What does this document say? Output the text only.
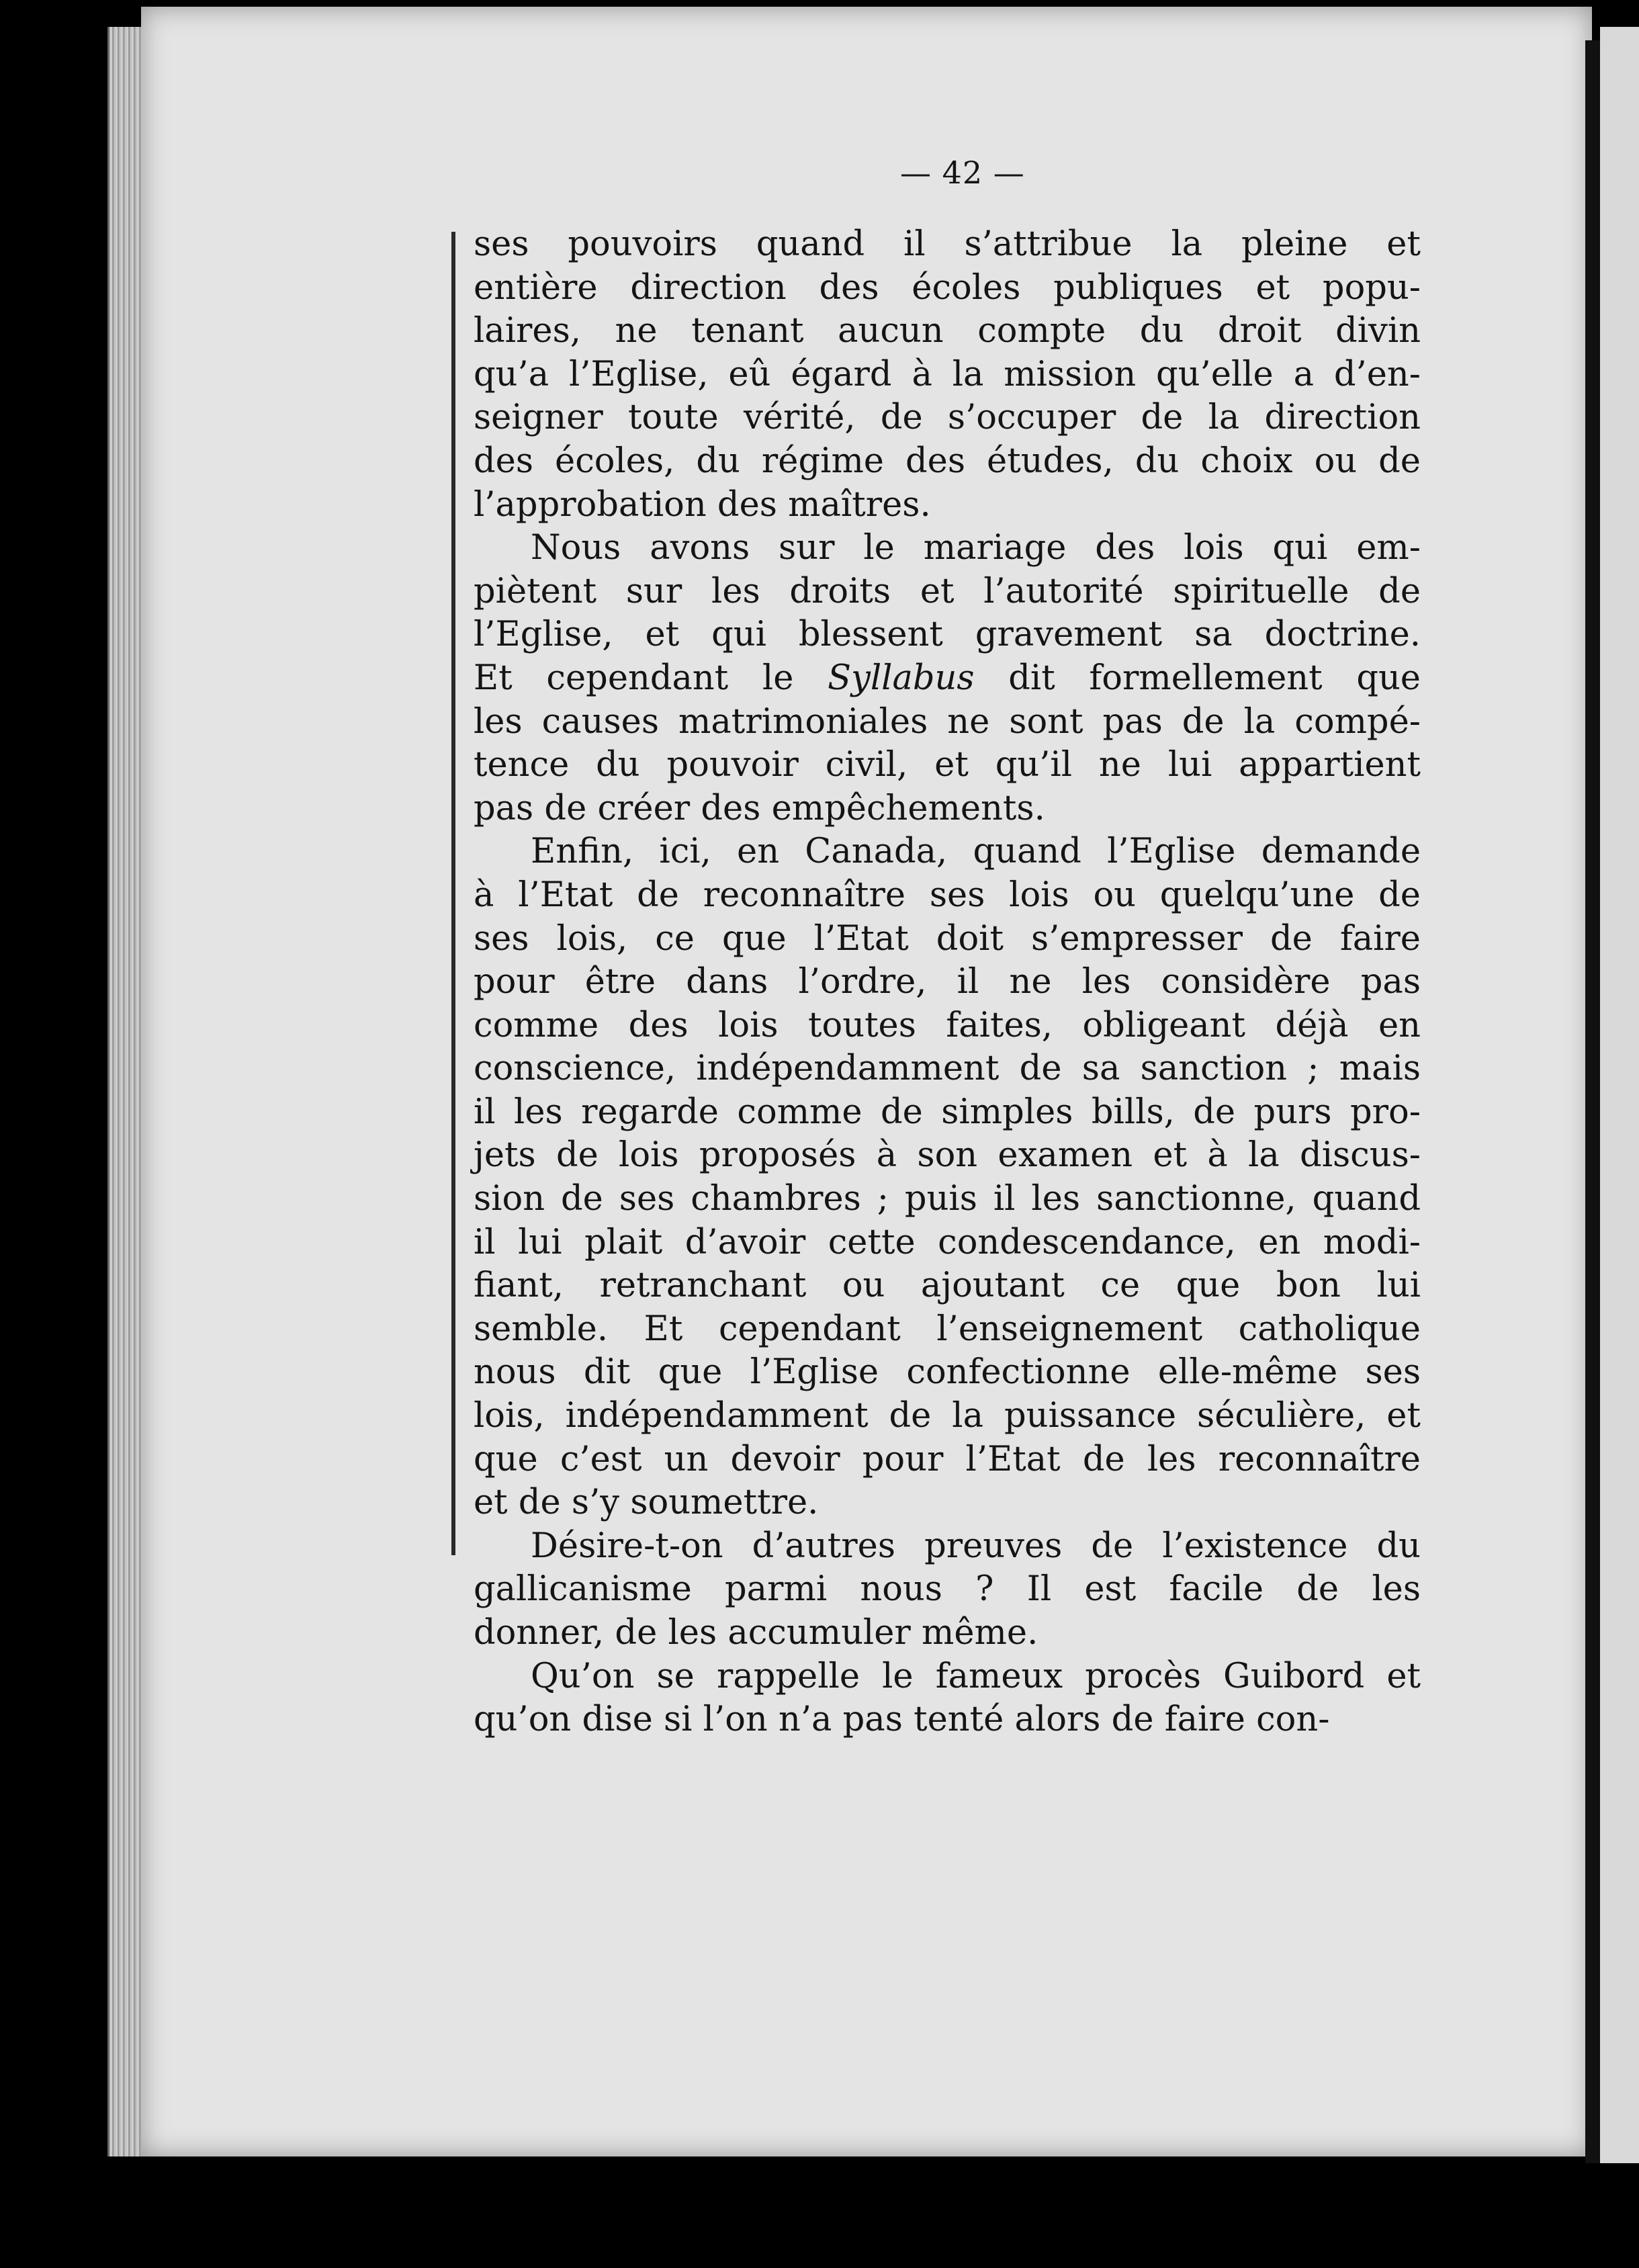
— 42 —
ses pouvoirs quand il s’attribue la pleine et
entière direction des écoles publiques et popu-
laires, ne tenant aucun compte du droit divin
qu’a l’Eglise, eû égard à la mission qu’elle a d’en-
seigner toute vérité, de s’occuper de la direction
des écoles, du régime des études, du choix ou de
l’approbation des maîtres.
Nous avons sur le mariage des lois qui em-
piètent sur les droits et l’autorité spirituelle de
l’Eglise, et qui blessent gravement sa doctrine.
Et cependant le Syllabus dit formellement que
les causes matrimoniales ne sont pas de la compé-
tence du pouvoir civil, et qu’il ne lui appartient
pas de créer des empêchements.
Enfin, ici, en Canada, quand l’Eglise demande
à l’Etat de reconnaître ses lois ou quelqu’une de
ses lois, ce que l’Etat doit s’empresser de faire
pour être dans l’ordre, il ne les considère pas
comme des lois toutes faites, obligeant déjà en
conscience, indépendamment de sa sanction ; mais
il les regarde comme de simples bills, de purs pro-
jets de lois proposés à son examen et à la discus-
sion de ses chambres ; puis il les sanctionne, quand
il lui plait d’avoir cette condescendance, en modi-
fiant, retranchant ou ajoutant ce que bon lui
semble. Et cependant l’enseignement catholique
nous dit que l’Eglise confectionne elle-même ses
lois, indépendamment de la puissance séculière, et
que c’est un devoir pour l’Etat de les reconnaître
et de s’y soumettre.
Désire-t-on d’autres preuves de l’existence du
gallicanisme parmi nous ? Il est facile de les
donner, de les accumuler même.
Qu’on se rappelle le fameux procès Guibord et
qu’on dise si l’on n’a pas tenté alors de faire con-
